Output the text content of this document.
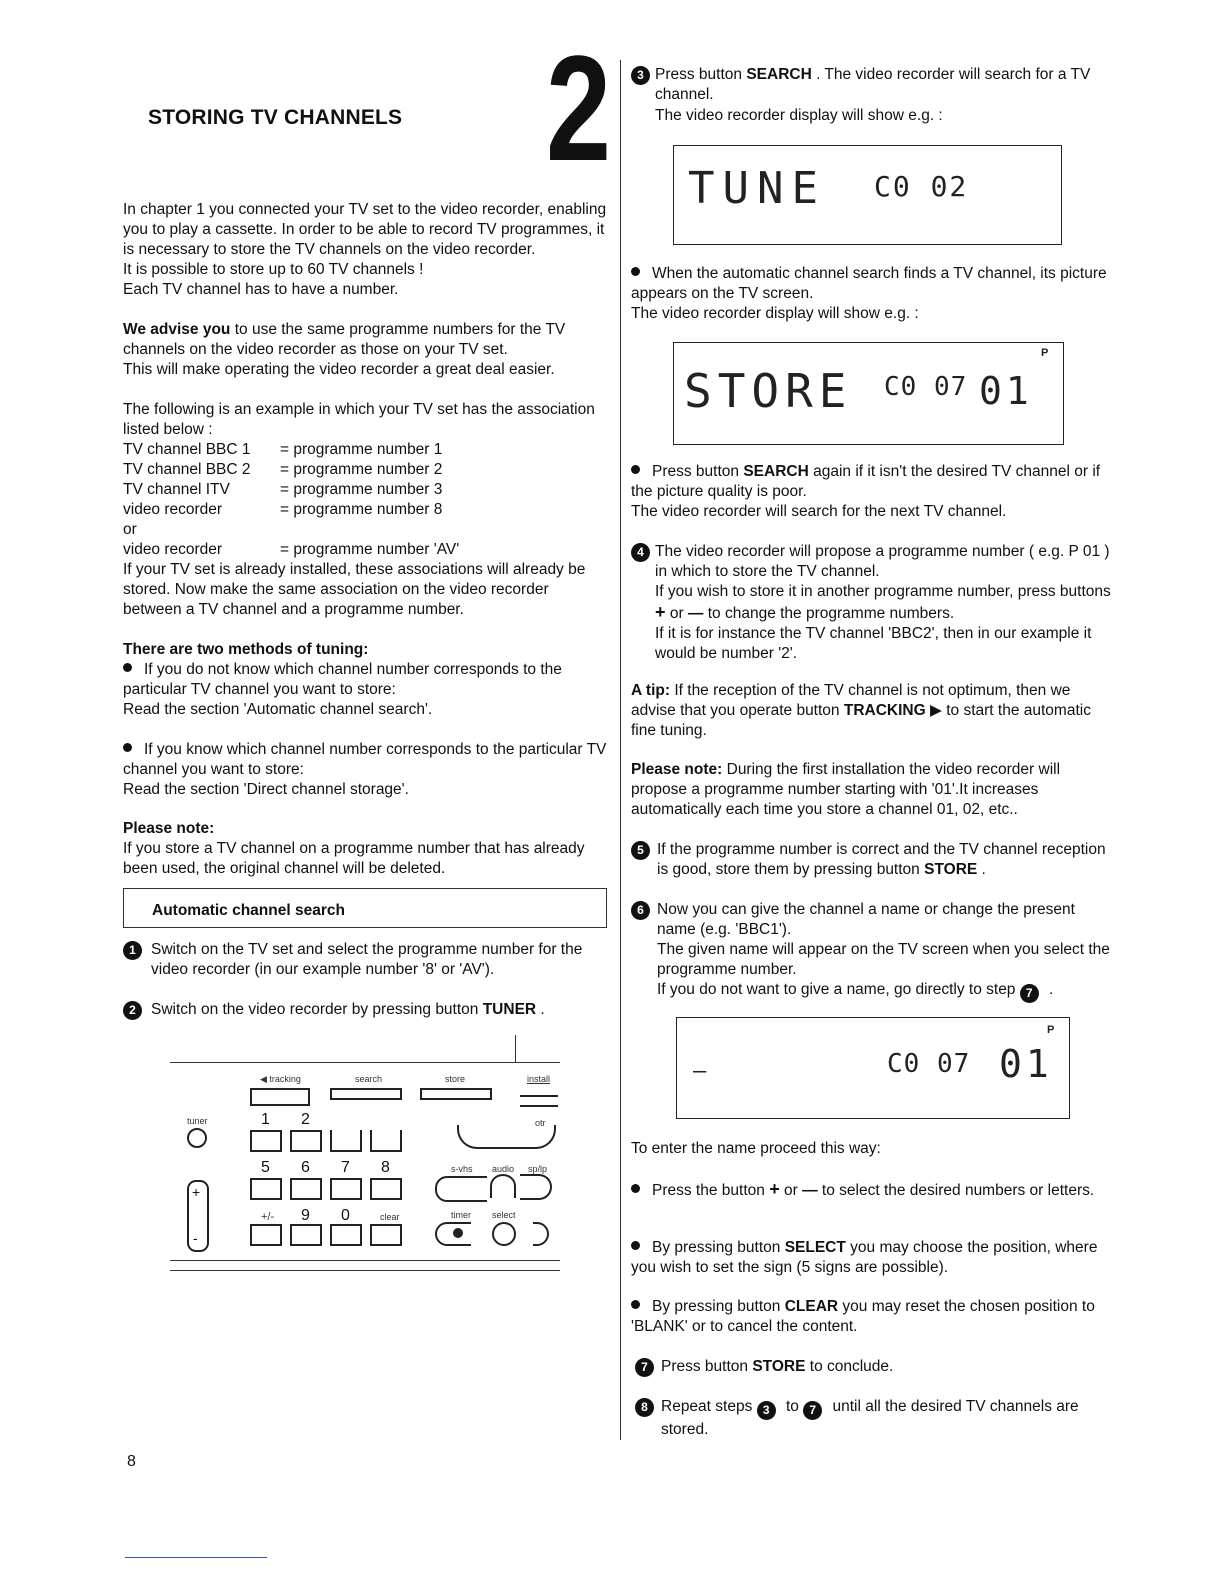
STORING TV CHANNELS 2

In chapter 1 you connected your TV set to the video recorder, enabling you to play a cassette. In order to be able to record TV programmes, it is necessary to store the TV channels on the video recorder.

It is possible to store up to 60 TV channels !

Each TV channel has to have a number.

We advise you to use the same programme numbers for the TV channels on the video recorder as those on your TV set.

This will make operating the video recorder a great deal easier.

The following is an example in which your TV set has the association listed below :

TV channel BBC 1	= programme number 1
TV channel BBC 2	= programme number 2
TV channel ITV	= programme number 3
video recorder	= programme number 8

or

video recorder	= programme number 'AV'

If your TV set is already installed, these associations will already be stored. Now make the same association on the video recorder between a TV channel and a programme number.

There are two methods of tuning:

If you do not know which channel number corresponds to the particular TV channel you want to store:

Read the section 'Automatic channel search'.

If you know which channel number corresponds to the particular TV channel you want to store:

Read the section 'Direct channel storage'.

Please note:

If you store a TV channel on a programme number that has already been used, the original channel will be deleted.

Automatic channel search
1 Switch on the TV set and select the programme number for the video recorder (in our example number '8' or 'AV').

2 Switch on the video recorder by pressing button TUNER .

◀ tracking	search	store	install
tuner	1 2	otr
5 6 7 8	s-vhs audio sp/lp
+
-
+/- 9 0	clear	timer select
3 Press button SEARCH . The video recorder will search for a TV channel.

The video recorder display will show e.g. :

TUNE C0 02

When the automatic channel search finds a TV channel, its picture appears on the TV screen.

The video recorder display will show e.g. :

STORE C0 07
P
01

Press button SEARCH again if it isn't the desired TV channel or if the picture quality is poor.

The video recorder will search for the next TV channel.

4 The video recorder will propose a programme number ( e.g. P 01 ) in which to store the TV channel.

If you wish to store it in another programme number, press buttons + or — to change the programme numbers.

If it is for instance the TV channel 'BBC2', then in our example it would be number '2'.

A tip: If the reception of the TV channel is not optimum, then we advise that you operate button TRACKING ▶ to start the automatic fine tuning.

Please note: During the first installation the video recorder will propose a programme number starting with '01'.It increases automatically each time you store a channel 01, 02, etc..

5 If the programme number is correct and the TV channel reception is good, store them by pressing button STORE .

6 Now you can give the channel a name or change the present name (e.g. 'BBC1').

The given name will appear on the TV screen when you select the programme number.

If you do not want to give a name, go directly to step 7 .

P
C0 07 01
—
To enter the name proceed this way:

Press the button + or — to select the desired numbers or letters.

By pressing button SELECT you may choose the position, where you wish to set the sign (5 signs are possible).

By pressing button CLEAR you may reset the chosen position to 'BLANK' or to cancel the content.

7 Press button STORE to conclude.

8 Repeat steps 3 to 7 until all the desired TV channels are stored.

8
